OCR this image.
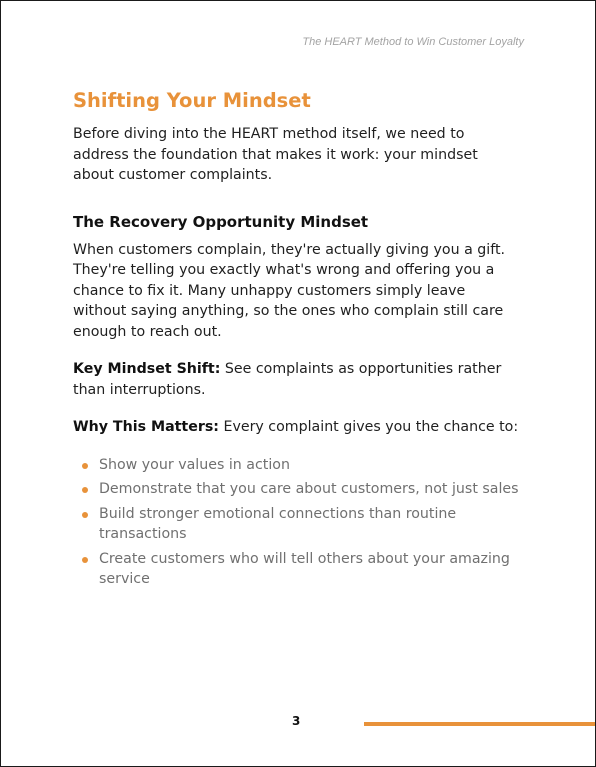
The HEART Method to Win Customer Loyalty
Shifting Your Mindset

Before diving into the HEART method itself, we need to address the foundation that makes it work: your mindset about customer complaints.

The Recovery Opportunity Mindset

When customers complain, they're actually giving you a gift. They're telling you exactly what's wrong and offering you a chance to fix it. Many unhappy customers simply leave without saying anything, so the ones who complain still care enough to reach out.

Key Mindset Shift: See complaints as opportunities rather than interruptions.

Why This Matters: Every complaint gives you the chance to:

Show your values in action
Demonstrate that you care about customers, not just sales
Build stronger emotional connections than routine transactions
Create customers who will tell others about your amazing service
3
